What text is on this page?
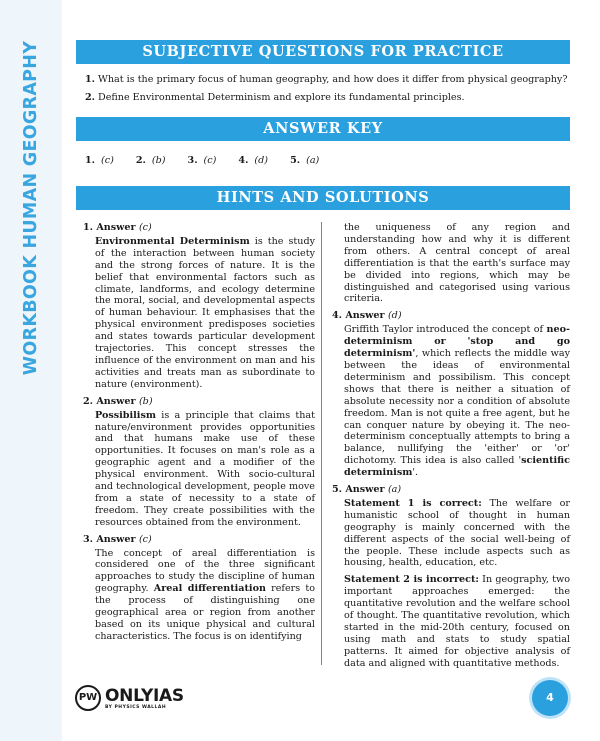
WORKBOOK HUMAN GEOGRAPHY	SUBJECTIVE QUESTIONS FOR PRACTICE
1. What is the primary focus of human geography, and how does it differ from physical geography?
2. Define Environmental Determinism and explore its fundamental principles.
ANSWER KEY
1. (c) 2. (b) 3. (c) 4. (d) 5. (a)
HINTS AND SOLUTIONS

1. Answer (c)

Environmental Determinism is the study of the interaction between human society and the strong forces of nature. It is the belief that environmental factors such as climate, landforms, and ecology determine the moral, social, and developmental aspects of human behaviour. It emphasises that the physical environment predisposes societies and states towards particular development trajectories. This concept stresses the influence of the environment on man and his activities and treats man as subordinate to nature (environment).

2. Answer (b)

Possibilism is a principle that claims that nature/environment provides opportunities and that humans make use of these opportunities. It focuses on man's role as a geographic agent and a modifier of the physical environment. With socio-cultural and technological development, people move from a state of necessity to a state of freedom. They create possibilities with the resources obtained from the environment.

3. Answer (c)

The concept of areal differentiation is considered one of the three significant approaches to study the discipline of human geography. Areal differentiation refers to the process of distinguishing one geographical area or region from another based on its unique physical and cultural characteristics. The focus is on identifying

the uniqueness of any region and understanding how and why it is different from others. A central concept of areal differentiation is that the earth's surface may be divided into regions, which may be distinguished and categorised using various criteria.

4. Answer (d)

Griffith Taylor introduced the concept of neo-determinism or 'stop and go determinism', which reflects the middle way between the ideas of environmental determinism and possibilism. This concept shows that there is neither a situation of absolute necessity nor a condition of absolute freedom. Man is not quite a free agent, but he can conquer nature by obeying it. The neo-determinism conceptually attempts to bring a balance, nullifying the 'either' or 'or' dichotomy. This idea is also called 'scientific determinism'.

5. Answer (a)

Statement 1 is correct: The welfare or humanistic school of thought in human geography is mainly concerned with the different aspects of the social well-being of the people. These include aspects such as housing, health, education, etc.

Statement 2 is incorrect: In geography, two important approaches emerged: the quantitative revolution and the welfare school of thought. The quantitative revolution, which started in the mid-20th century, focused on using math and stats to study spatial patterns. It aimed for objective analysis of data and aligned with quantitative methods.

PW ONLYIAS
BY PHYSICS WALLAH
4
